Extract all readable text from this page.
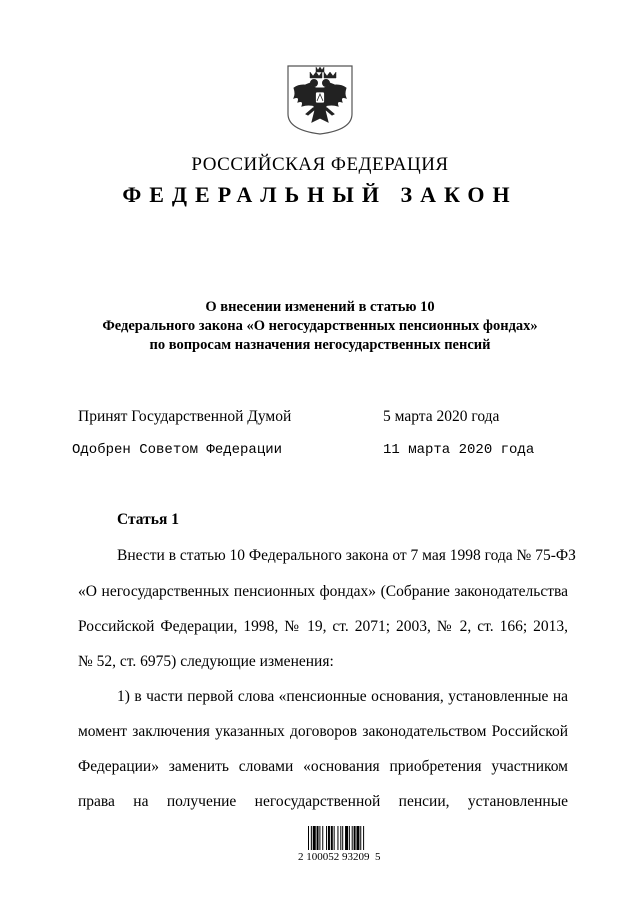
РОССИЙСКАЯ ФЕДЕРАЦИЯ
ФЕДЕРАЛЬНЫЙ ЗАКОН
О внесении изменений в статью 10
Федерального закона «О негосударственных пенсионных фондах»
по вопросам назначения негосударственных пенсий
Принят Государственной Думой	5 марта 2020 года
Одобрен Советом Федерации	11 марта 2020 года
Статья 1
Внести в статью 10 Федерального закона от 7 мая 1998 года № 75-ФЗ
«О негосударственных пенсионных фондах» (Собрание законодательства
Российской Федерации, 1998, № 19, ст. 2071; 2003, № 2, ст. 166; 2013,
№ 52, ст. 6975) следующие изменения:
1) в части первой слова «пенсионные основания, установленные на
момент заключения указанных договоров законодательством Российской
Федерации» заменить словами «основания приобретения участником
права на получение негосударственной пенсии, установленные
2 100052 93209  5
